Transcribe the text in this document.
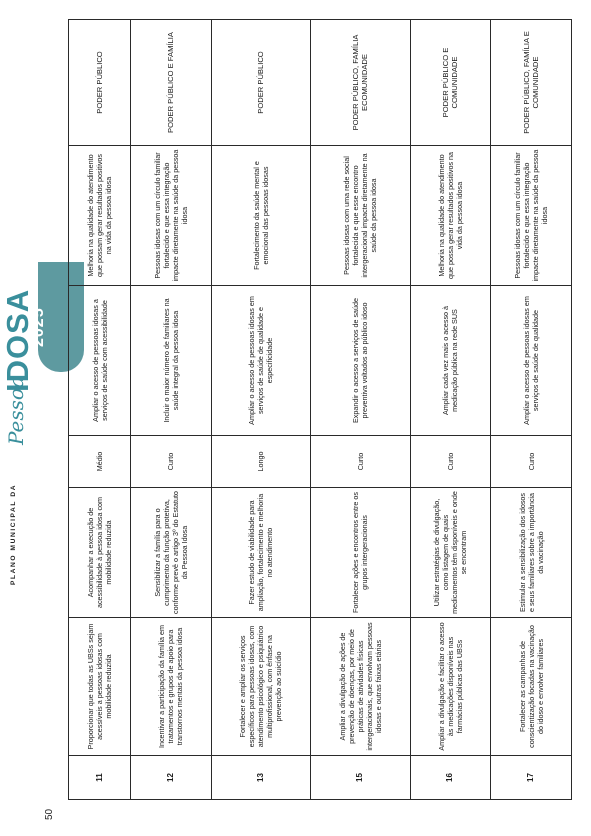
PLANO MUNICIPAL DA
Pessoa
IDOSA
2025
50
11	Proporcionar que todas as UBSs sejam acessíveis a pessoas idosas com mobilidade reduzida	Acompanhar a execução de acessibilidade à pessoa idosa com mobilidade reduzida	Médio	Ampliar o acesso de pessoas idosas a serviços de saúde com acessibilidade	Melhoria na qualidade do atendimento que possam gerar resultados positivos na vida da pessoa idosa	PODER PÚBLICO
12	Incentivar a participação da família em tratamentos e grupos de apoio para transtornos mentais da pessoa idosa	Sensibilizar a família para o cumprimento da função protetiva, conforme prevê o artigo 3º do Estatuto da Pessoa Idosa	Curto	Incluir o maior número de familiares na saúde integral da pessoa idosa	Pessoas idosas com um círculo familiar fortalecido e que essa integração impacte diretamente na saúde da pessoa idosa	PODER PÚBLICO E FAMÍLIA
13	Fortalecer e ampliar os serviços específicos para pessoas idosas, com atendimento psicológico e psiquiátrico multiprofissional, com ênfase na prevenção ao suicídio	Fazer estudo de viabilidade para ampliação, fortalecimento e melhoria no atendimento	Longo	Ampliar o acesso de pessoas idosas em serviços de saúde de qualidade e especificidade	Fortalecimento da saúde mental e emocional das pessoas idosas	PODER PÚBLICO
15	Ampliar a divulgação de ações de prevenção de doenças, por meio de práticas de atividades físicas intergeracionais, que envolvam pessoas idosas e outras faixas etárias	Fortalecer ações e encontros entre os grupos intergeracionais	Curto	Expandir o acesso a serviços de saúde preventiva voltados ao público idoso	Pessoas idosas com uma rede social fortalecida e que esse encontro intergeracional impacte diretamente na saúde da pessoa idosa	PODER PÚBLICO, FAMÍLIA ECOMUNIDADE
16	Ampliar a divulgação e facilitar o acesso às medicações disponíveis nas farmácias públicas das UBSs	Utilizar estratégias de divulgação, como listagem de quais medicamentos têm disponíveis e onde se encontram	Curto	Ampliar cada vez mais o acesso à medicação pública na rede SUS	Melhoria na qualidade do atendimento que possa gerar resultados positivos na vida da pessoa idosa	PODER PÚBLICO E COMUNIDADE
17	Fortalecer as campanhas de conscientização focadas na vacinação do idoso e envolver familiares	Estimular a sensibilização dos idosos e seus familiares sobre a importância da vacinação	Curto	Ampliar o acesso de pessoas idosas em serviços de saúde de qualidade	Pessoas idosas com um círculo familiar fortalecido e que essa integração impacte diretamente na saúde da pessoa idosa	PODER PÚBLICO, FAMÍLIA E COMUNIDADE
